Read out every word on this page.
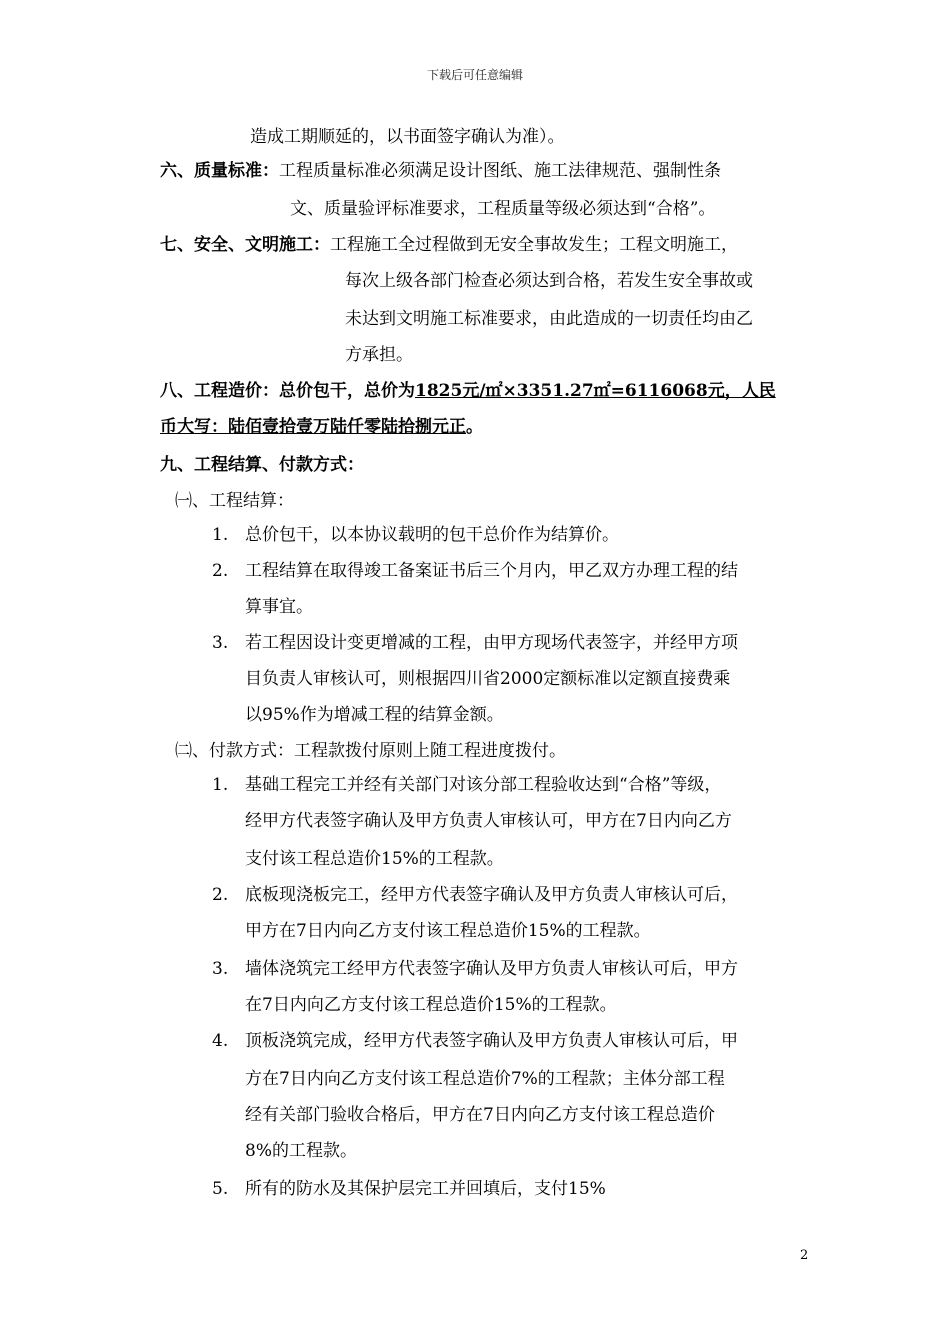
下载后可任意编辑
造成工期顺延的，以书面签字确认为准）。
六、质量标准：工程质量标准必须满足设计图纸、施工法律规范、强制性条
文、质量验评标准要求，工程质量等级必须达到“合格”。
七、安全、文明施工：工程施工全过程做到无安全事故发生；工程文明施工，
每次上级各部门检查必须达到合格，若发生安全事故或
未达到文明施工标准要求，由此造成的一切责任均由乙
方承担。
八、工程造价：总价包干，总价为1825元/㎡×3351.27㎡=6116068元，人民
币大写：陆佰壹拾壹万陆仟零陆拾捌元正。
九、工程结算、付款方式：
㈠、工程结算：
1. 总价包干，以本协议载明的包干总价作为结算价。
2. 工程结算在取得竣工备案证书后三个月内，甲乙双方办理工程的结
算事宜。
3. 若工程因设计变更增减的工程，由甲方现场代表签字，并经甲方项
目负责人审核认可，则根据四川省2000定额标准以定额直接费乘
以95%作为增减工程的结算金额。
㈡、付款方式：工程款拨付原则上随工程进度拨付。
1. 基础工程完工并经有关部门对该分部工程验收达到“合格”等级，
经甲方代表签字确认及甲方负责人审核认可，甲方在7日内向乙方
支付该工程总造价15%的工程款。
2. 底板现浇板完工，经甲方代表签字确认及甲方负责人审核认可后，
甲方在7日内向乙方支付该工程总造价15%的工程款。
3. 墙体浇筑完工经甲方代表签字确认及甲方负责人审核认可后，甲方
在7日内向乙方支付该工程总造价15%的工程款。
4. 顶板浇筑完成，经甲方代表签字确认及甲方负责人审核认可后，甲
方在7日内向乙方支付该工程总造价7%的工程款；主体分部工程
经有关部门验收合格后，甲方在7日内向乙方支付该工程总造价
8%的工程款。
5. 所有的防水及其保护层完工并回填后，支付15%
2
